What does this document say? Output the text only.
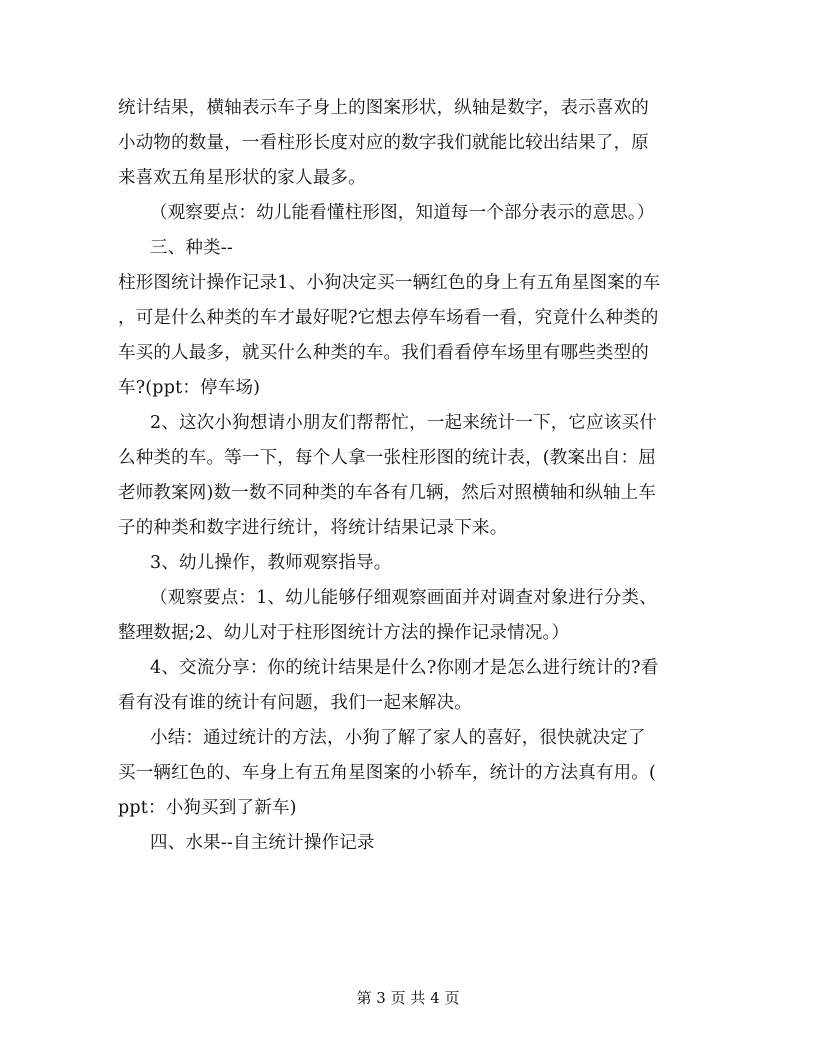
统计结果，横轴表示车子身上的图案形状，纵轴是数字，表示喜欢的
小动物的数量，一看柱形长度对应的数字我们就能比较出结果了，原
来喜欢五角星形状的家人最多。
（观察要点：幼儿能看懂柱形图，知道每一个部分表示的意思。）
三、种类--
柱形图统计操作记录1、小狗决定买一辆红色的身上有五角星图案的车
，可是什么种类的车才最好呢?它想去停车场看一看，究竟什么种类的
车买的人最多，就买什么种类的车。我们看看停车场里有哪些类型的
车?(ppt：停车场)
2、这次小狗想请小朋友们帮帮忙，一起来统计一下，它应该买什
么种类的车。等一下，每个人拿一张柱形图的统计表，(教案出自：屈
老师教案网)数一数不同种类的车各有几辆，然后对照横轴和纵轴上车
子的种类和数字进行统计，将统计结果记录下来。
3、幼儿操作，教师观察指导。
（观察要点：1、幼儿能够仔细观察画面并对调查对象进行分类、
整理数据;2、幼儿对于柱形图统计方法的操作记录情况。）
4、交流分享：你的统计结果是什么?你刚才是怎么进行统计的?看
看有没有谁的统计有问题，我们一起来解决。
小结：通过统计的方法，小狗了解了家人的喜好，很快就决定了
买一辆红色的、车身上有五角星图案的小轿车，统计的方法真有用。(
ppt：小狗买到了新车)
四、水果--自主统计操作记录
第 3 页 共 4 页
